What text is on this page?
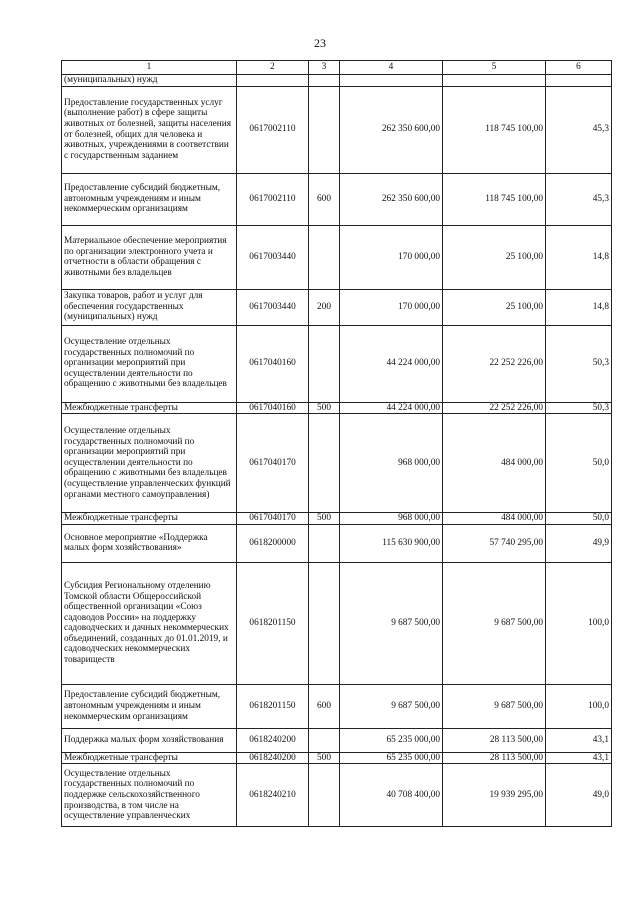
23
1	2	3	4	5	6
(муниципальных) нужд					
Предоставление государственных услуг (выполнение работ) в сфере защиты животных от болезней, защиты населения от болезней, общих для человека и животных, учреждениями в соответствии с государственным заданием	0617002110		262 350 600,00	118 745 100,00	45,3
Предоставление субсидий бюджетным, автономным учреждениям и иным некоммерческим организациям	0617002110	600	262 350 600,00	118 745 100,00	45,3
Материальное обеспечение мероприятия по организации электронного учета и отчетности в области обращения с животными без владельцев	0617003440		170 000,00	25 100,00	14,8
Закупка товаров, работ и услуг для обеспечения государственных (муниципальных) нужд	0617003440	200	170 000,00	25 100,00	14,8
Осуществление отдельных государственных полномочий по организации мероприятий при осуществлении деятельности по обращению с животными без владельцев	0617040160		44 224 000,00	22 252 226,00	50,3
Межбюджетные трансферты	0617040160	500	44 224 000,00	22 252 226,00	50,3
Осуществление отдельных государственных полномочий по организации мероприятий при осуществлении деятельности по обращению с животными без владельцев (осуществление управленческих функций органами местного самоуправления)	0617040170		968 000,00	484 000,00	50,0
Межбюджетные трансферты	0617040170	500	968 000,00	484 000,00	50,0
Основное мероприятие «Поддержка малых форм хозяйствования»	0618200000		115 630 900,00	57 740 295,00	49,9
Субсидия Региональному отделению Томской области Общероссийской общественной организации «Союз садоводов России» на поддержку садоводческих и дачных некоммерческих объединений, созданных до 01.01.2019, и садоводческих некоммерческих товариществ	0618201150		9 687 500,00	9 687 500,00	100,0
Предоставление субсидий бюджетным, автономным учреждениям и иным некоммерческим организациям	0618201150	600	9 687 500,00	9 687 500,00	100,0
Поддержка малых форм хозяйствования	0618240200		65 235 000,00	28 113 500,00	43,1
Межбюджетные трансферты	0618240200	500	65 235 000,00	28 113 500,00	43,1
Осуществление отдельных государственных полномочий по поддержке сельскохозяйственного производства, в том числе на осуществление управленческих	0618240210		40 708 400,00	19 939 295,00	49,0
